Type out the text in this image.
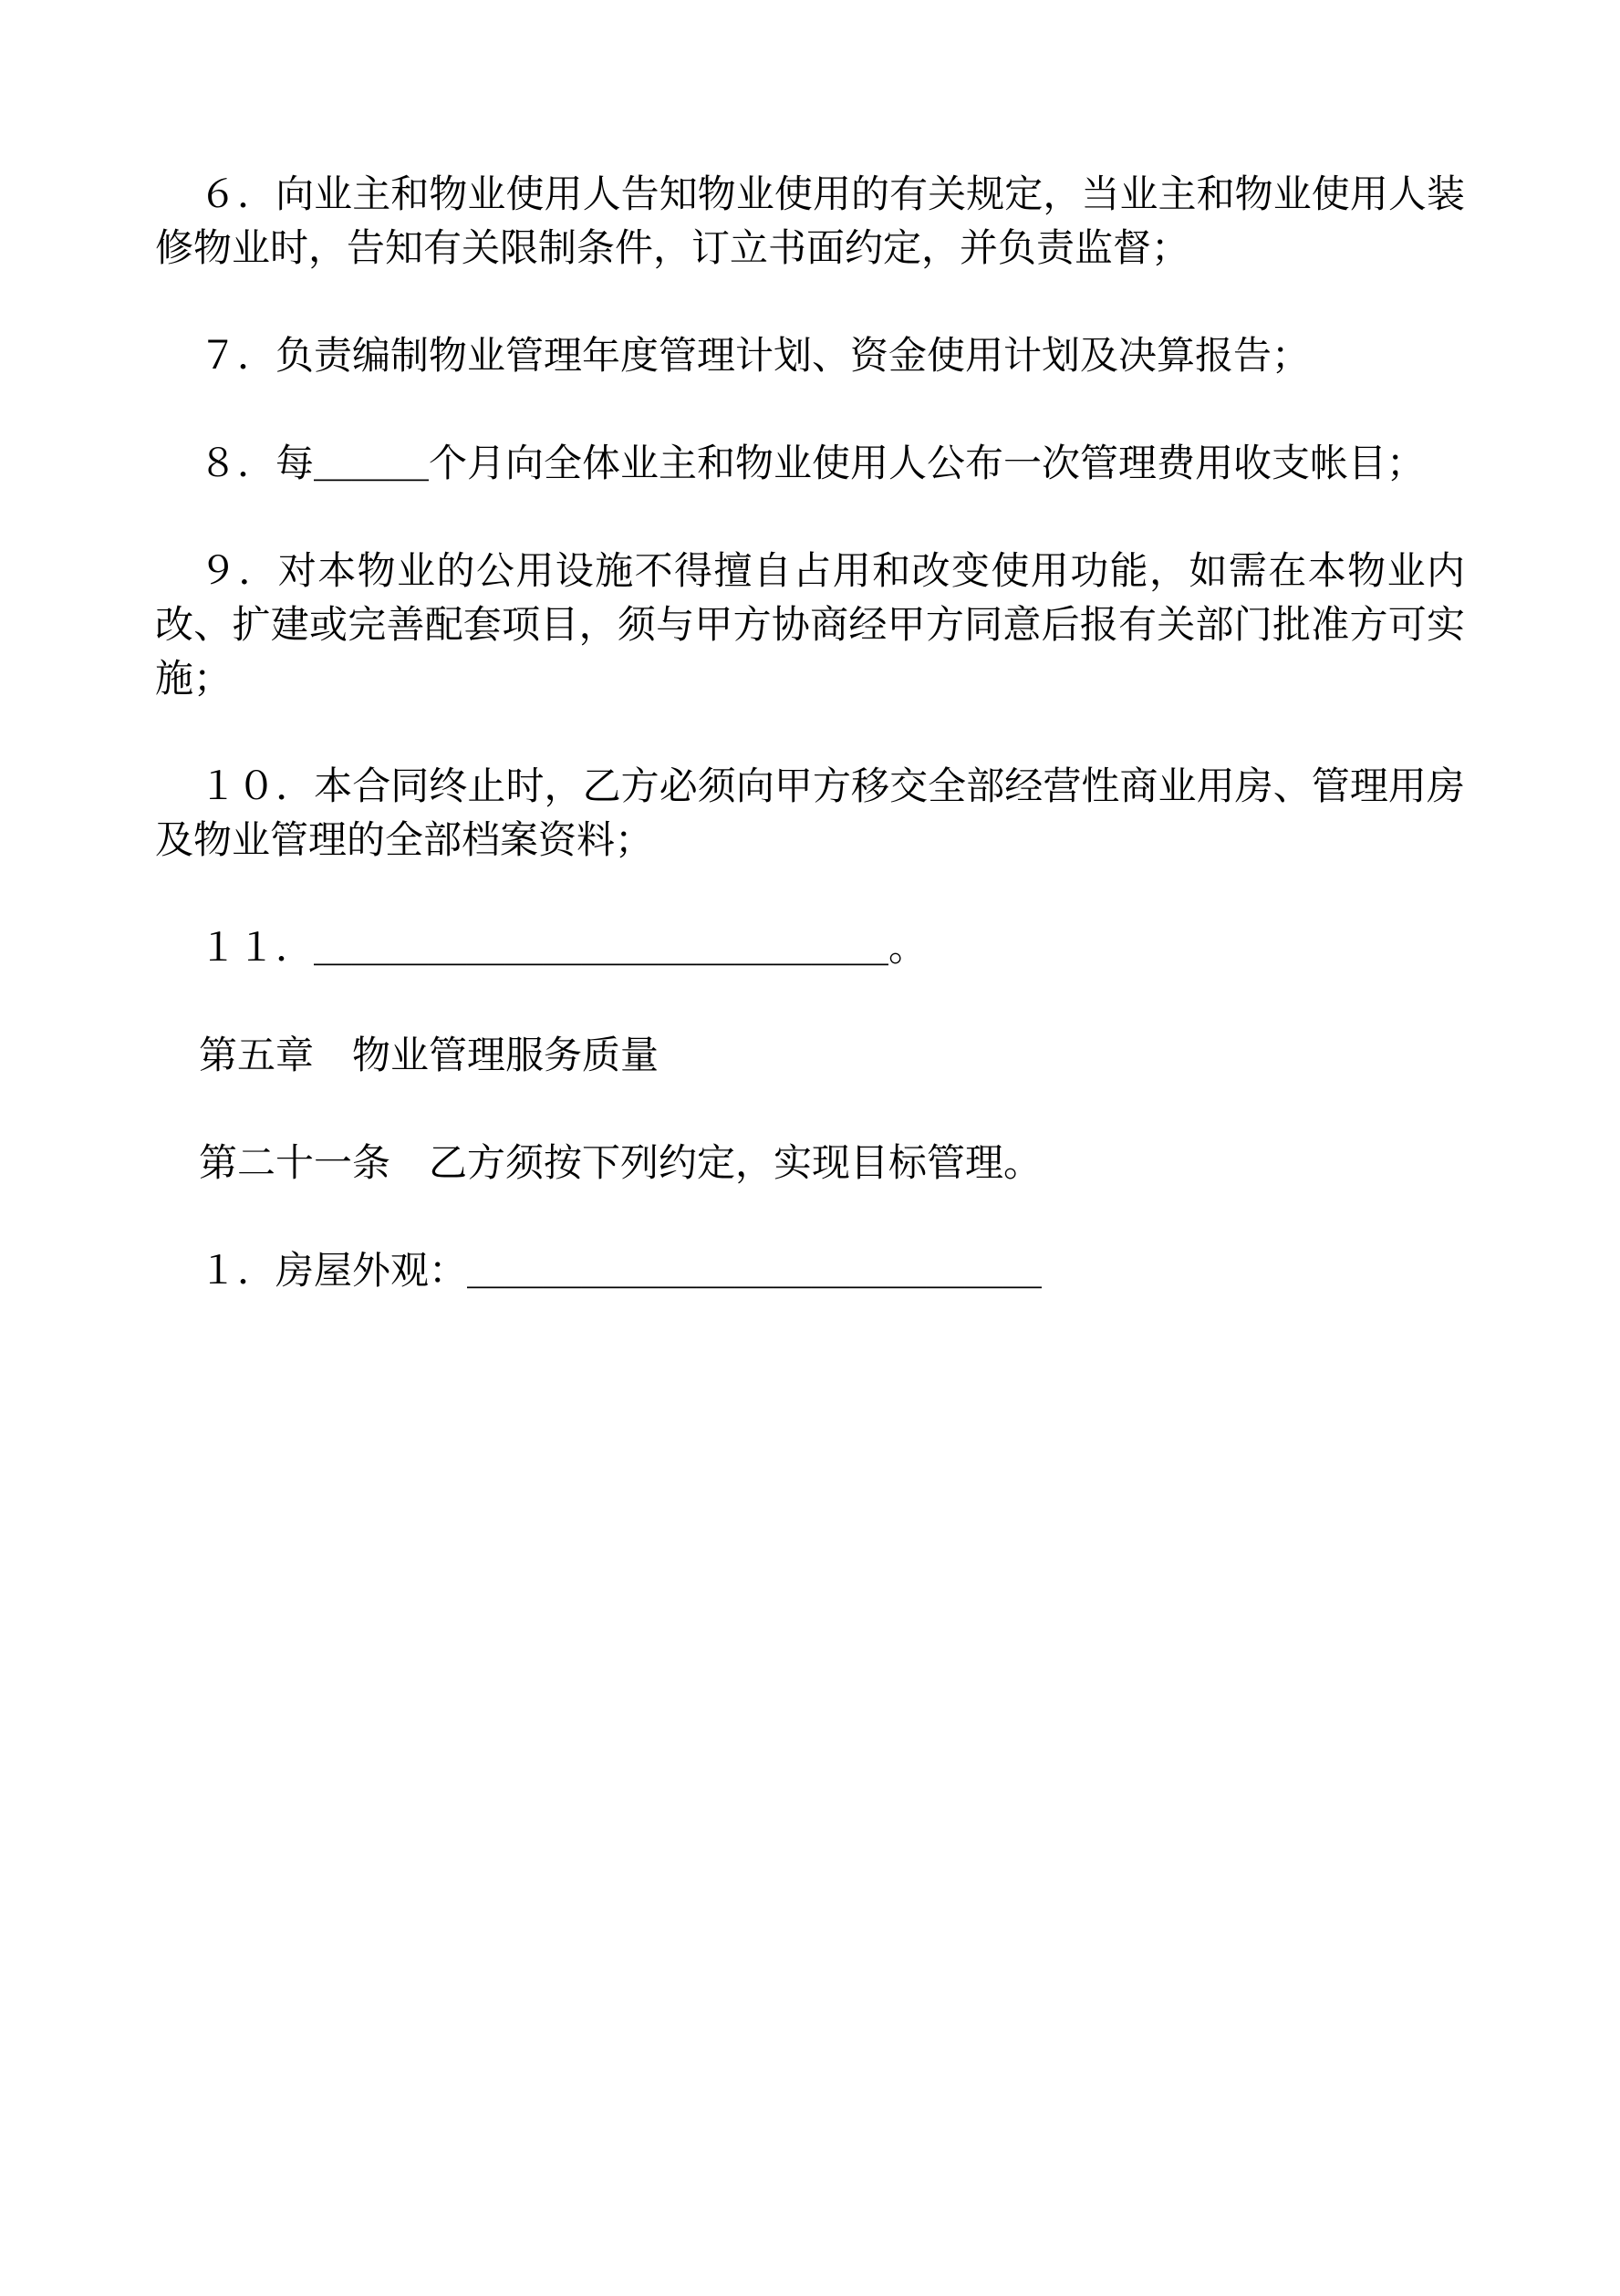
６．向业主和物业使用人告知物业使用的有关规定，当业主和物业使用人装修物业时，告知有关限制条件，订立书面约定，并负责监督；

７．负责编制物业管理年度管理计划、资金使用计划及决算报告；

８．每＿＿＿个月向全体业主和物业使用人公布一次管理费用收支帐目；

９．对本物业的公用设施不得擅自占用和改变使用功能，如需在本物业内改、扩建或完善配套项目，须与甲方协商经甲方同意后报有关部门批准方可实施；

１０．本合同终止时，乙方必须向甲方移交全部经营性商业用房、管理用房及物业管理的全部档案资料；

１１．＿＿＿＿＿＿＿＿＿＿＿＿＿＿＿。

第五章　物业管理服务质量

第二十一条　乙方须按下列约定，实现目标管理。

１．房屋外观：＿＿＿＿＿＿＿＿＿＿＿＿＿＿＿
